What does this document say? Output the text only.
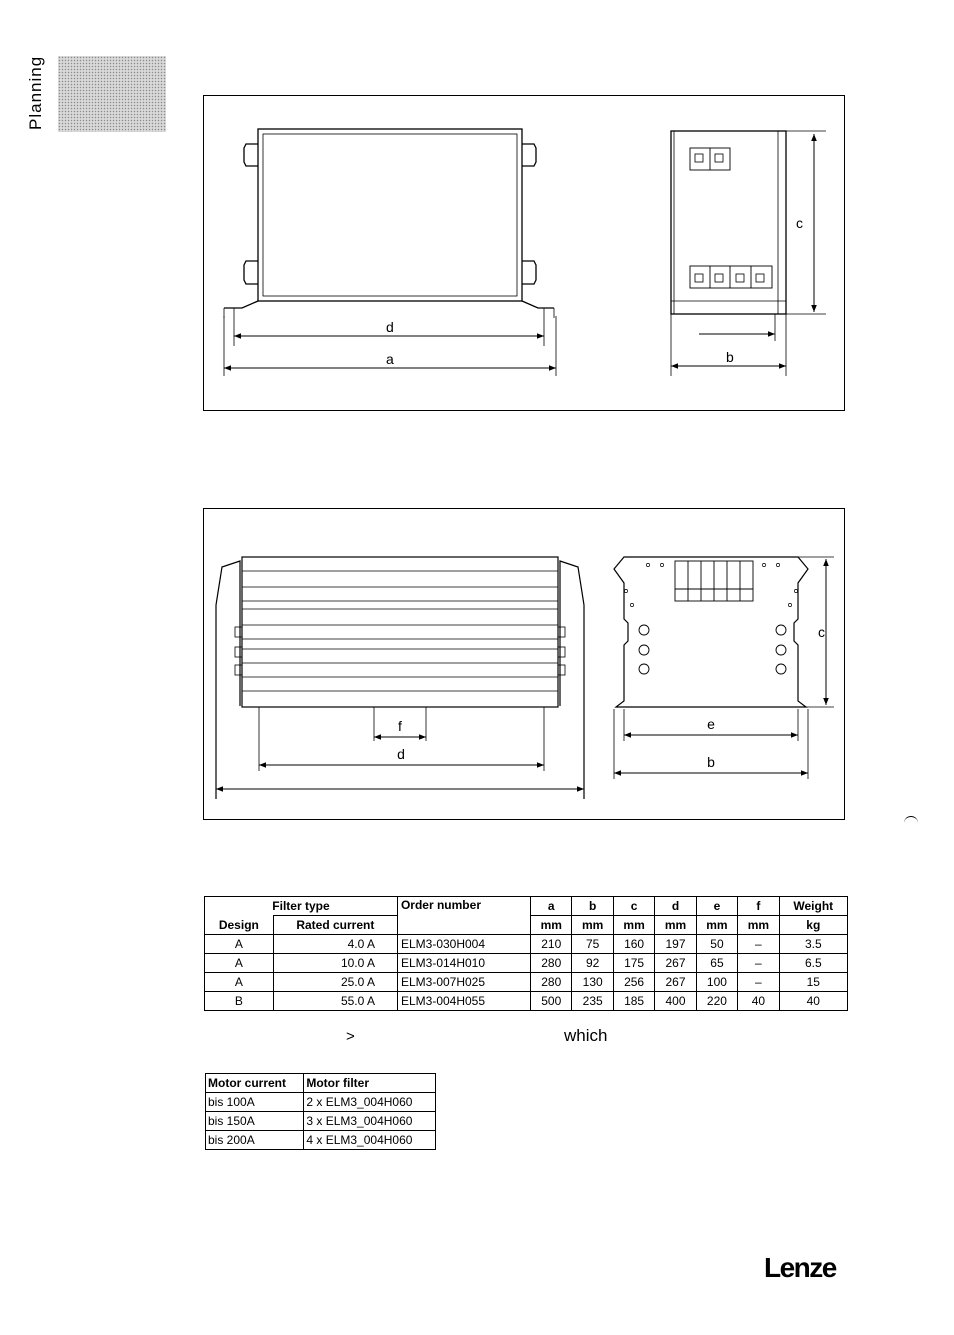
Planning
d
a
c
b
f
d
c
e
b
Filter type		Order number	a	b	c	d	e	f	Weight
Design	Rated current		mm	mm	mm	mm	mm	mm	kg
A	4.0 A	ELM3-030H004	210	75	160	197	50	–	3.5
A	10.0 A	ELM3-014H010	280	92	175	267	65	–	6.5
A	25.0 A	ELM3-007H025	280	130	256	267	100	–	15
B	55.0 A	ELM3-004H055	500	235	185	400	220	40	40
>	which
Motor current	Motor filter
bis 100A	2 x ELM3_004H060
bis 150A	3 x ELM3_004H060
bis 200A	4 x ELM3_004H060
Lenze
